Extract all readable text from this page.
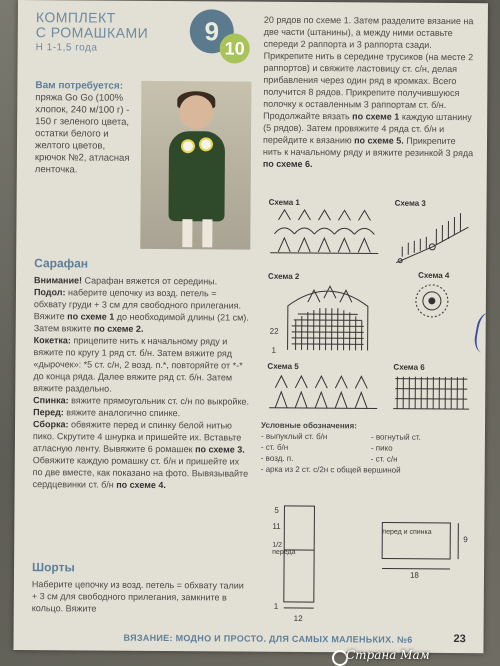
КОМПЛЕКТ
С РОМАШКАМИ
Н 1-1,5 года
9
10
Вам потребуется:
пряжа Go Go (100% хлопок, 240 м/100 г) - 150 г зеленого цвета, остатки белого и желтого цветов, крючок №2, атласная ленточка.
Сарафан
Внимание! Сарафан вяжется от середины.
Подол: наберите цепочку из возд. петель = обхвату груди + 3 см для свободного прилегания. Вяжите по схеме 1 до необходимой длины (21 см). Затем вяжите по схеме 2.
Кокетка: прицепите нить к начальному ряду и вяжите по кругу 1 ряд ст. б/н. Затем вяжите ряд «дырочек»: *5 ст. с/н, 2 возд. п.*, повторяйте от *-* до конца ряда. Далее вяжите ряд ст. б/н. Затем вяжите раздельно.
Спинка: вяжите прямоугольник ст. с/н по выкройке.
Перед: вяжите аналогично спинке.
Сборка: обвяжите перед и спинку белой нитью пико. Скрутите 4 шнурка и пришейте их. Вставьте атласную ленту. Вывяжите 6 ромашек по схеме 3. Обвяжите каждую ромашку ст. б/н и пришейте их по две вместе, как показано на фото. Вывязывайте сердцевинки ст. б/н по схеме 4.
Шорты
Наберите цепочку из возд. петель = обхвату талии + 3 см для свободного прилегания, замкните в кольцо. Вяжите
20 рядов по схеме 1. Затем разделите вязание на две части (штанины), а между ними оставьте спереди 2 раппорта и 3 раппорта сзади. Прикрепите нить в середине трусиков (на месте 2 раппортов) и свяжите ластовицу ст. с/н, делая прибавления через один ряд в кромках. Всего получится 8 рядов. Прикрепите получившуюся полочку к оставленным 3 раппортам ст. б/н. Продолжайте вязать по схеме 1 каждую штанину (5 рядов). Затем провяжите 4 ряда ст. б/н и перейдите к вязанию по схеме 5. Прикрепите нить к начальному ряду и вяжите резинкой 3 ряда по схеме 6.
Схема 1	Схема 3
Схема 2	Схема 4
Схема 5	Схема 6
22
1
Условные обозначения:
- выпуклый ст. б/н	- вогнутый ст.
- ст. б/н	- пико
- возд. п.	- ст. с/н
- арка из 2 ст. с/2н с общей вершиной
перед и спинка
9
18
12
1/2 переда
11
1
5
ВЯЗАНИЕ: МОДНО И ПРОСТО. ДЛЯ САМЫХ МАЛЕНЬКИХ. №6	23
Страна Мам
